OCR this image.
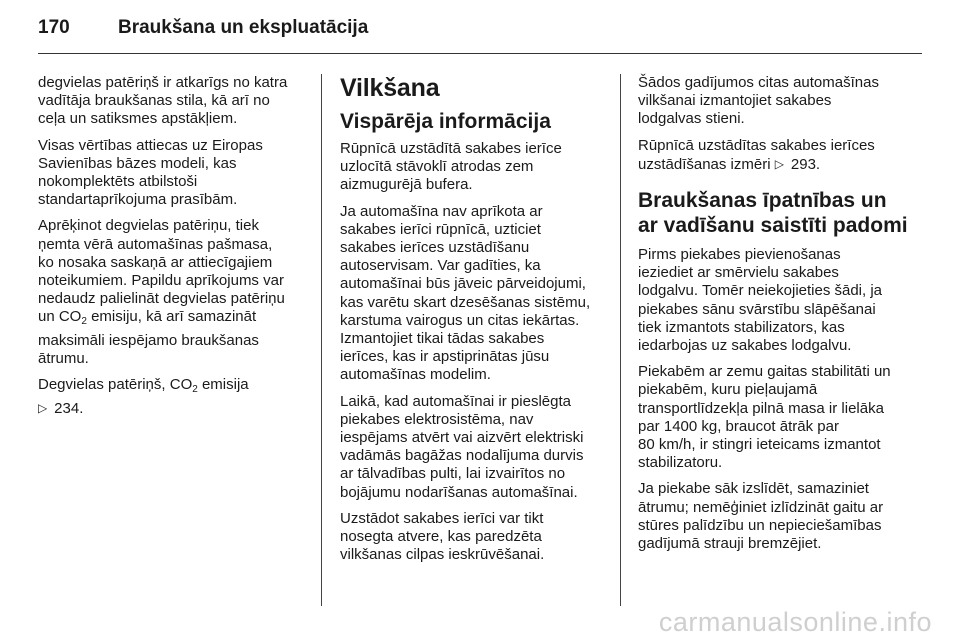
170	Braukšana un ekspluatācija

degvielas patēriņš ir atkarīgs no katra
vadītāja braukšanas stila, kā arī no
ceļa un satiksmes apstākļiem.

Visas vērtības attiecas uz Eiropas
Savienības bāzes modeli, kas
nokomplektēts atbilstoši
standartaprīkojuma prasībām.

Aprēķinot degvielas patēriņu, tiek
ņemta vērā automašīnas pašmasa,
ko nosaka saskaņā ar attiecīgajiem
noteikumiem. Papildu aprīkojums var
nedaudz palielināt degvielas patēriņu
un $CO_2$ emisiju, kā arī samazināt
maksimāli iespējamo braukšanas
ātrumu.

Degvielas patēriņš, $CO_2$ emisija
▷ 234.

Vilkšana
Vispārēja informācija

Rūpnīcā uzstādītā sakabes ierīce
uzlocītā stāvoklī atrodas zem
aizmugurējā bufera.

Ja automašīna nav aprīkota ar
sakabes ierīci rūpnīcā, uzticiet
sakabes ierīces uzstādīšanu
autoservisam. Var gadīties, ka
automašīnai būs jāveic pārveidojumi,
kas varētu skart dzesēšanas sistēmu,
karstuma vairogus un citas iekārtas.
Izmantojiet tikai tādas sakabes
ierīces, kas ir apstiprinātas jūsu
automašīnas modelim.

Laikā, kad automašīnai ir pieslēgta
piekabes elektrosistēma, nav
iespējams atvērt vai aizvērt elektriski
vadāmās bagāžas nodalījuma durvis
ar tālvadības pulti, lai izvairītos no
bojājumu nodarīšanas automašīnai.

Uzstādot sakabes ierīci var tikt
nosegta atvere, kas paredzēta
vilkšanas cilpas ieskrūvēšanai.

Šādos gadījumos citas automašīnas
vilkšanai izmantojiet sakabes
lodgalvas stieni.

Rūpnīcā uzstādītas sakabes ierīces
uzstādīšanas izmēri ▷ 293.

Braukšanas īpatnības un
ar vadīšanu saistīti padomi

Pirms piekabes pievienošanas
ieziediet ar smērvielu sakabes
lodgalvu. Tomēr neiekojieties šādi, ja
piekabes sānu svārstību slāpēšanai
tiek izmantots stabilizators, kas
iedarbojas uz sakabes lodgalvu.

Piekabēm ar zemu gaitas stabilitāti un
piekabēm, kuru pieļaujamā
transportlīdzekļa pilnā masa ir lielāka
par 1400 kg, braucot ātrāk par
80 km/h, ir stingri ieteicams izmantot
stabilizatoru.

Ja piekabe sāk izslīdēt, samaziniet
ātrumu; nemēģiniet izlīdzināt gaitu ar
stūres palīdzību un nepieciešamības
gadījumā strauji bremzējiet.

carmanualsonline.info
